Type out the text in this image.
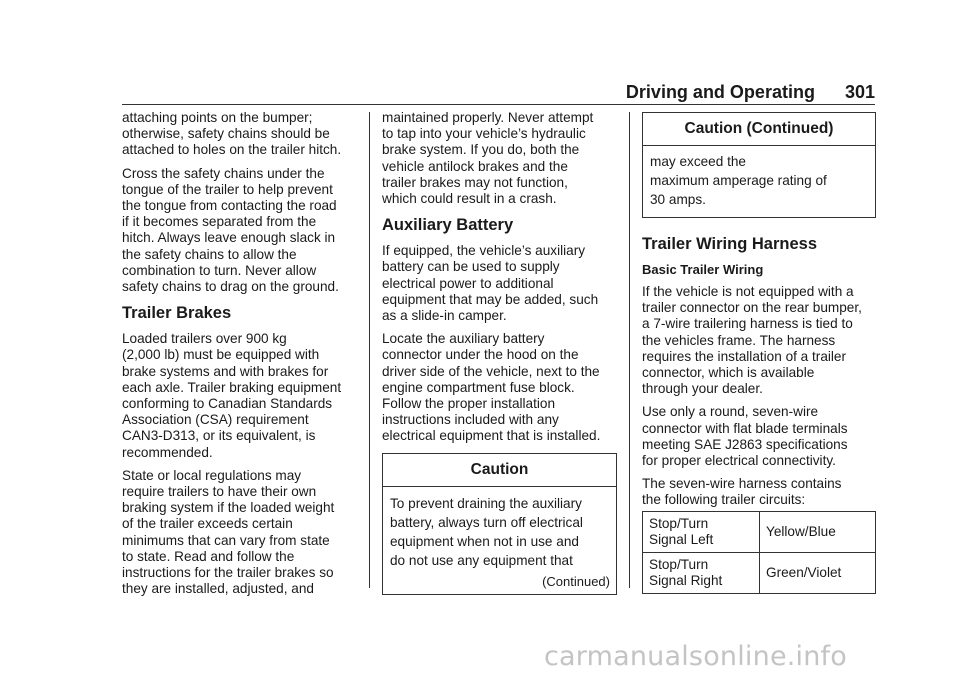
Driving and Operating 301

attaching points on the bumper;
otherwise, safety chains should be
attached to holes on the trailer hitch.

Cross the safety chains under the
tongue of the trailer to help prevent
the tongue from contacting the road
if it becomes separated from the
hitch. Always leave enough slack in
the safety chains to allow the
combination to turn. Never allow
safety chains to drag on the ground.

Trailer Brakes

Loaded trailers over 900 kg
(2,000 lb) must be equipped with
brake systems and with brakes for
each axle. Trailer braking equipment
conforming to Canadian Standards
Association (CSA) requirement
CAN3-D313, or its equivalent, is
recommended.

State or local regulations may
require trailers to have their own
braking system if the loaded weight
of the trailer exceeds certain
minimums that can vary from state
to state. Read and follow the
instructions for the trailer brakes so
they are installed, adjusted, and

maintained properly. Never attempt
to tap into your vehicle’s hydraulic
brake system. If you do, both the
vehicle antilock brakes and the
trailer brakes may not function,
which could result in a crash.

Auxiliary Battery

If equipped, the vehicle’s auxiliary
battery can be used to supply
electrical power to additional
equipment that may be added, such
as a slide-in camper.

Locate the auxiliary battery
connector under the hood on the
driver side of the vehicle, next to the
engine compartment fuse block.
Follow the proper installation
instructions included with any
electrical equipment that is installed.

Caution
To prevent draining the auxiliary
battery, always turn off electrical
equipment when not in use and
do not use any equipment that
(Continued)
Caution (Continued)
may exceed the
maximum amperage rating of
30 amps.
Trailer Wiring Harness
Basic Trailer Wiring

If the vehicle is not equipped with a
trailer connector on the rear bumper,
a 7-wire trailering harness is tied to
the vehicles frame. The harness
requires the installation of a trailer
connector, which is available
through your dealer.

Use only a round, seven-wire
connector with flat blade terminals
meeting SAE J2863 specifications
for proper electrical connectivity.

The seven-wire harness contains
the following trailer circuits:

Stop/Turn
Signal Left	Yellow/Blue
Stop/Turn
Signal Right	Green/Violet
carmanualsonline.info
